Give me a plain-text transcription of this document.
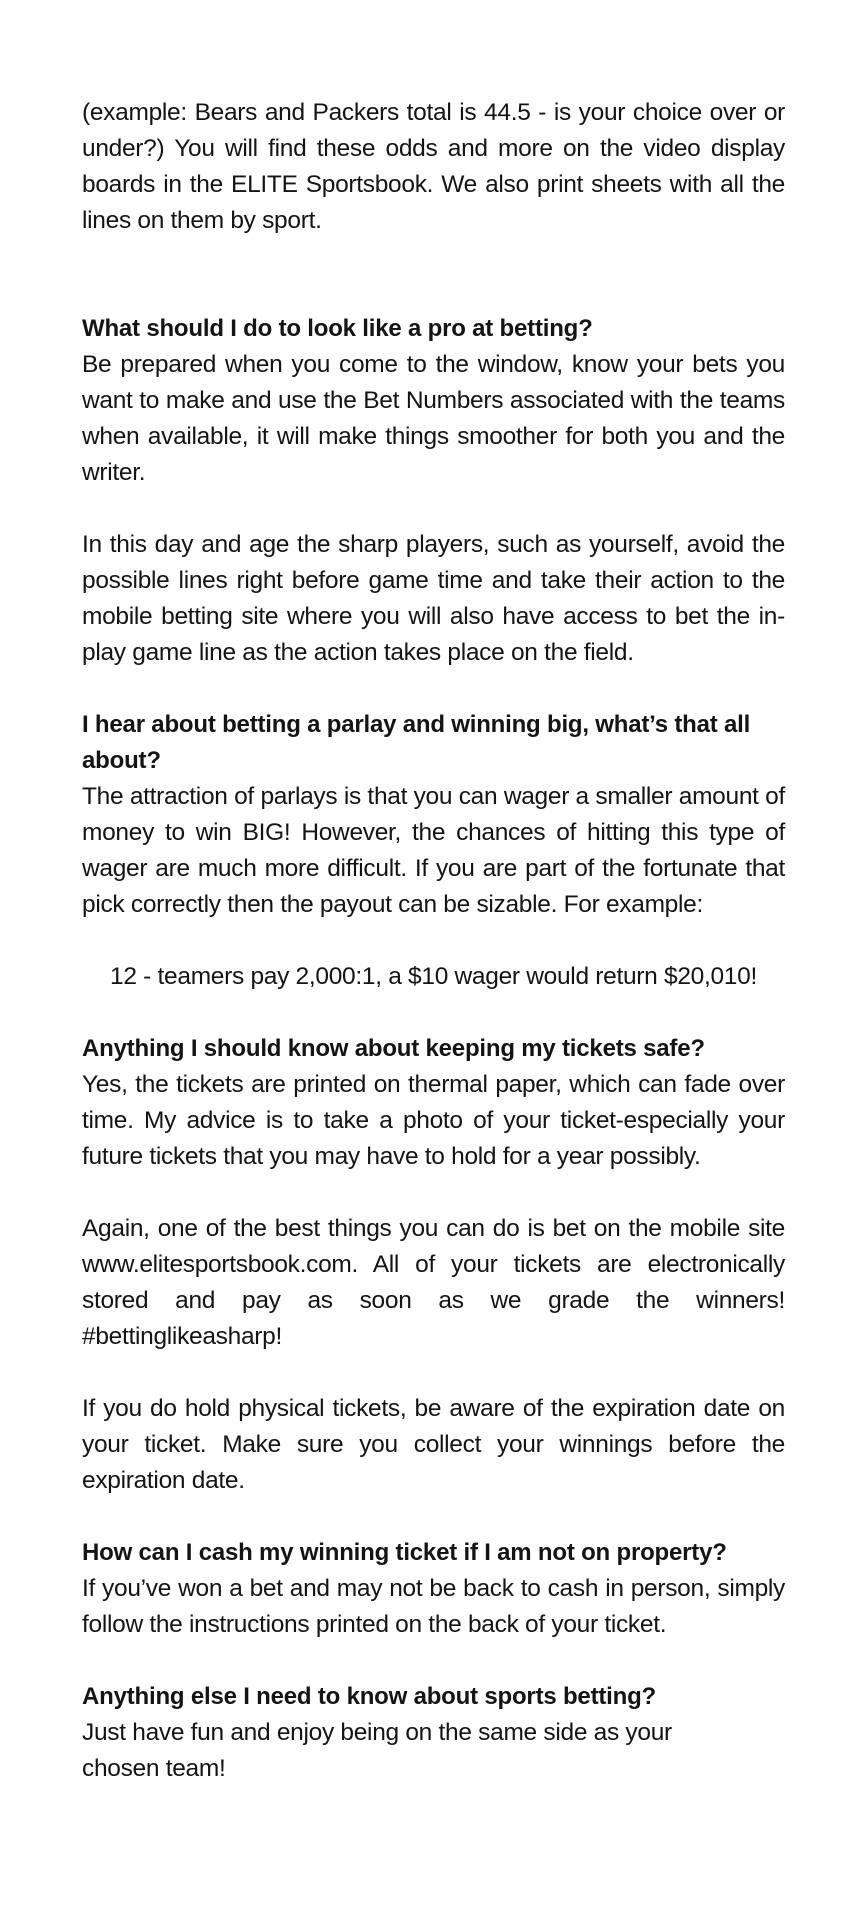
(example: Bears and Packers total is 44.5 - is your choice over or under?) You will find these odds and more on the video display boards in the ELITE Sportsbook. We also print sheets with all the lines on them by sport.

What should I do to look like a pro at betting?

Be prepared when you come to the window, know your bets you want to make and use the Bet Numbers associated with the teams when available, it will make things smoother for both you and the writer.

In this day and age the sharp players, such as yourself, avoid the possible lines right before game time and take their action to the mobile betting site where you will also have access to bet the in-play game line as the action takes place on the field.

I hear about betting a parlay and winning big, what’s that all about?

The attraction of parlays is that you can wager a smaller amount of money to win BIG! However, the chances of hitting this type of wager are much more difficult. If you are part of the fortunate that pick correctly then the payout can be sizable. For example:

12 - teamers pay 2,000:1, a $10 wager would return $20,010!

Anything I should know about keeping my tickets safe?

Yes, the tickets are printed on thermal paper, which can fade over time. My advice is to take a photo of your ticket-especially your future tickets that you may have to hold for a year possibly.

Again, one of the best things you can do is bet on the mobile site www.elitesportsbook.com. All of your tickets are electronically stored and pay as soon as we grade the winners! #bettinglikeasharp!

If you do hold physical tickets, be aware of the expiration date on your ticket. Make sure you collect your winnings before the expiration date.

How can I cash my winning ticket if I am not on property?

If you’ve won a bet and may not be back to cash in person, simply follow the instructions printed on the back of your ticket.

Anything else I need to know about sports betting?

Just have fun and enjoy being on the same side as your chosen team!
